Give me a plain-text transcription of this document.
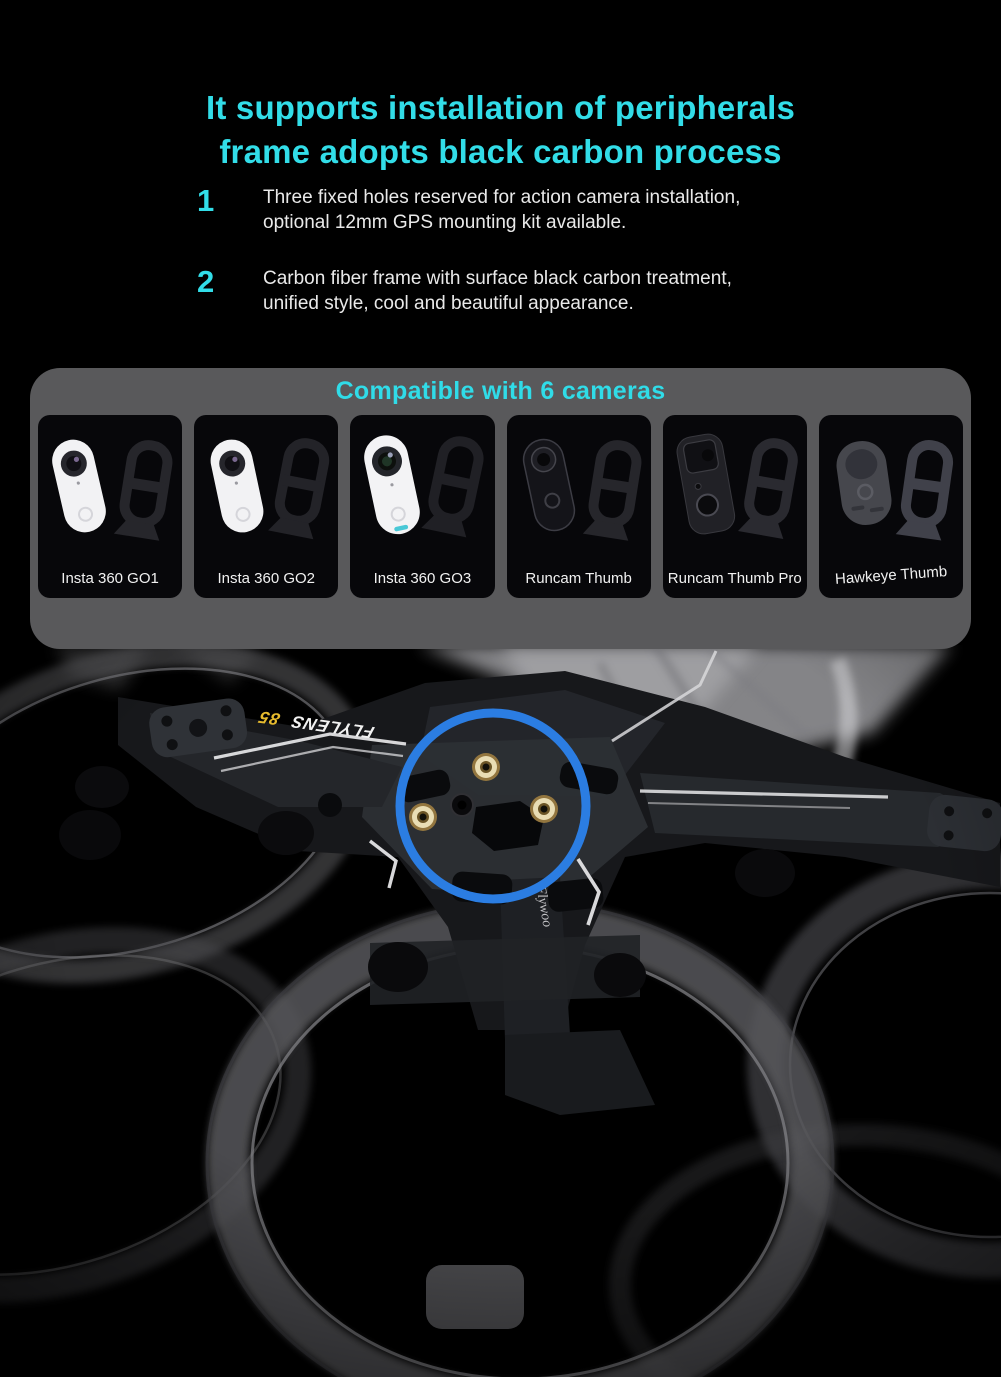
It supports installation of peripherals
frame adopts black carbon process
1	Three fixed holes reserved for action camera installation,
optional 12mm GPS mounting kit available.
2	Carbon fiber frame with surface black carbon treatment,
unified style, cool and beautiful appearance.
Compatible with 6 cameras
Insta 360 GO1	Insta 360 GO2	Insta 360 GO3	Runcam Thumb	Runcam Thumb Pro	Hawkeye Thumb
